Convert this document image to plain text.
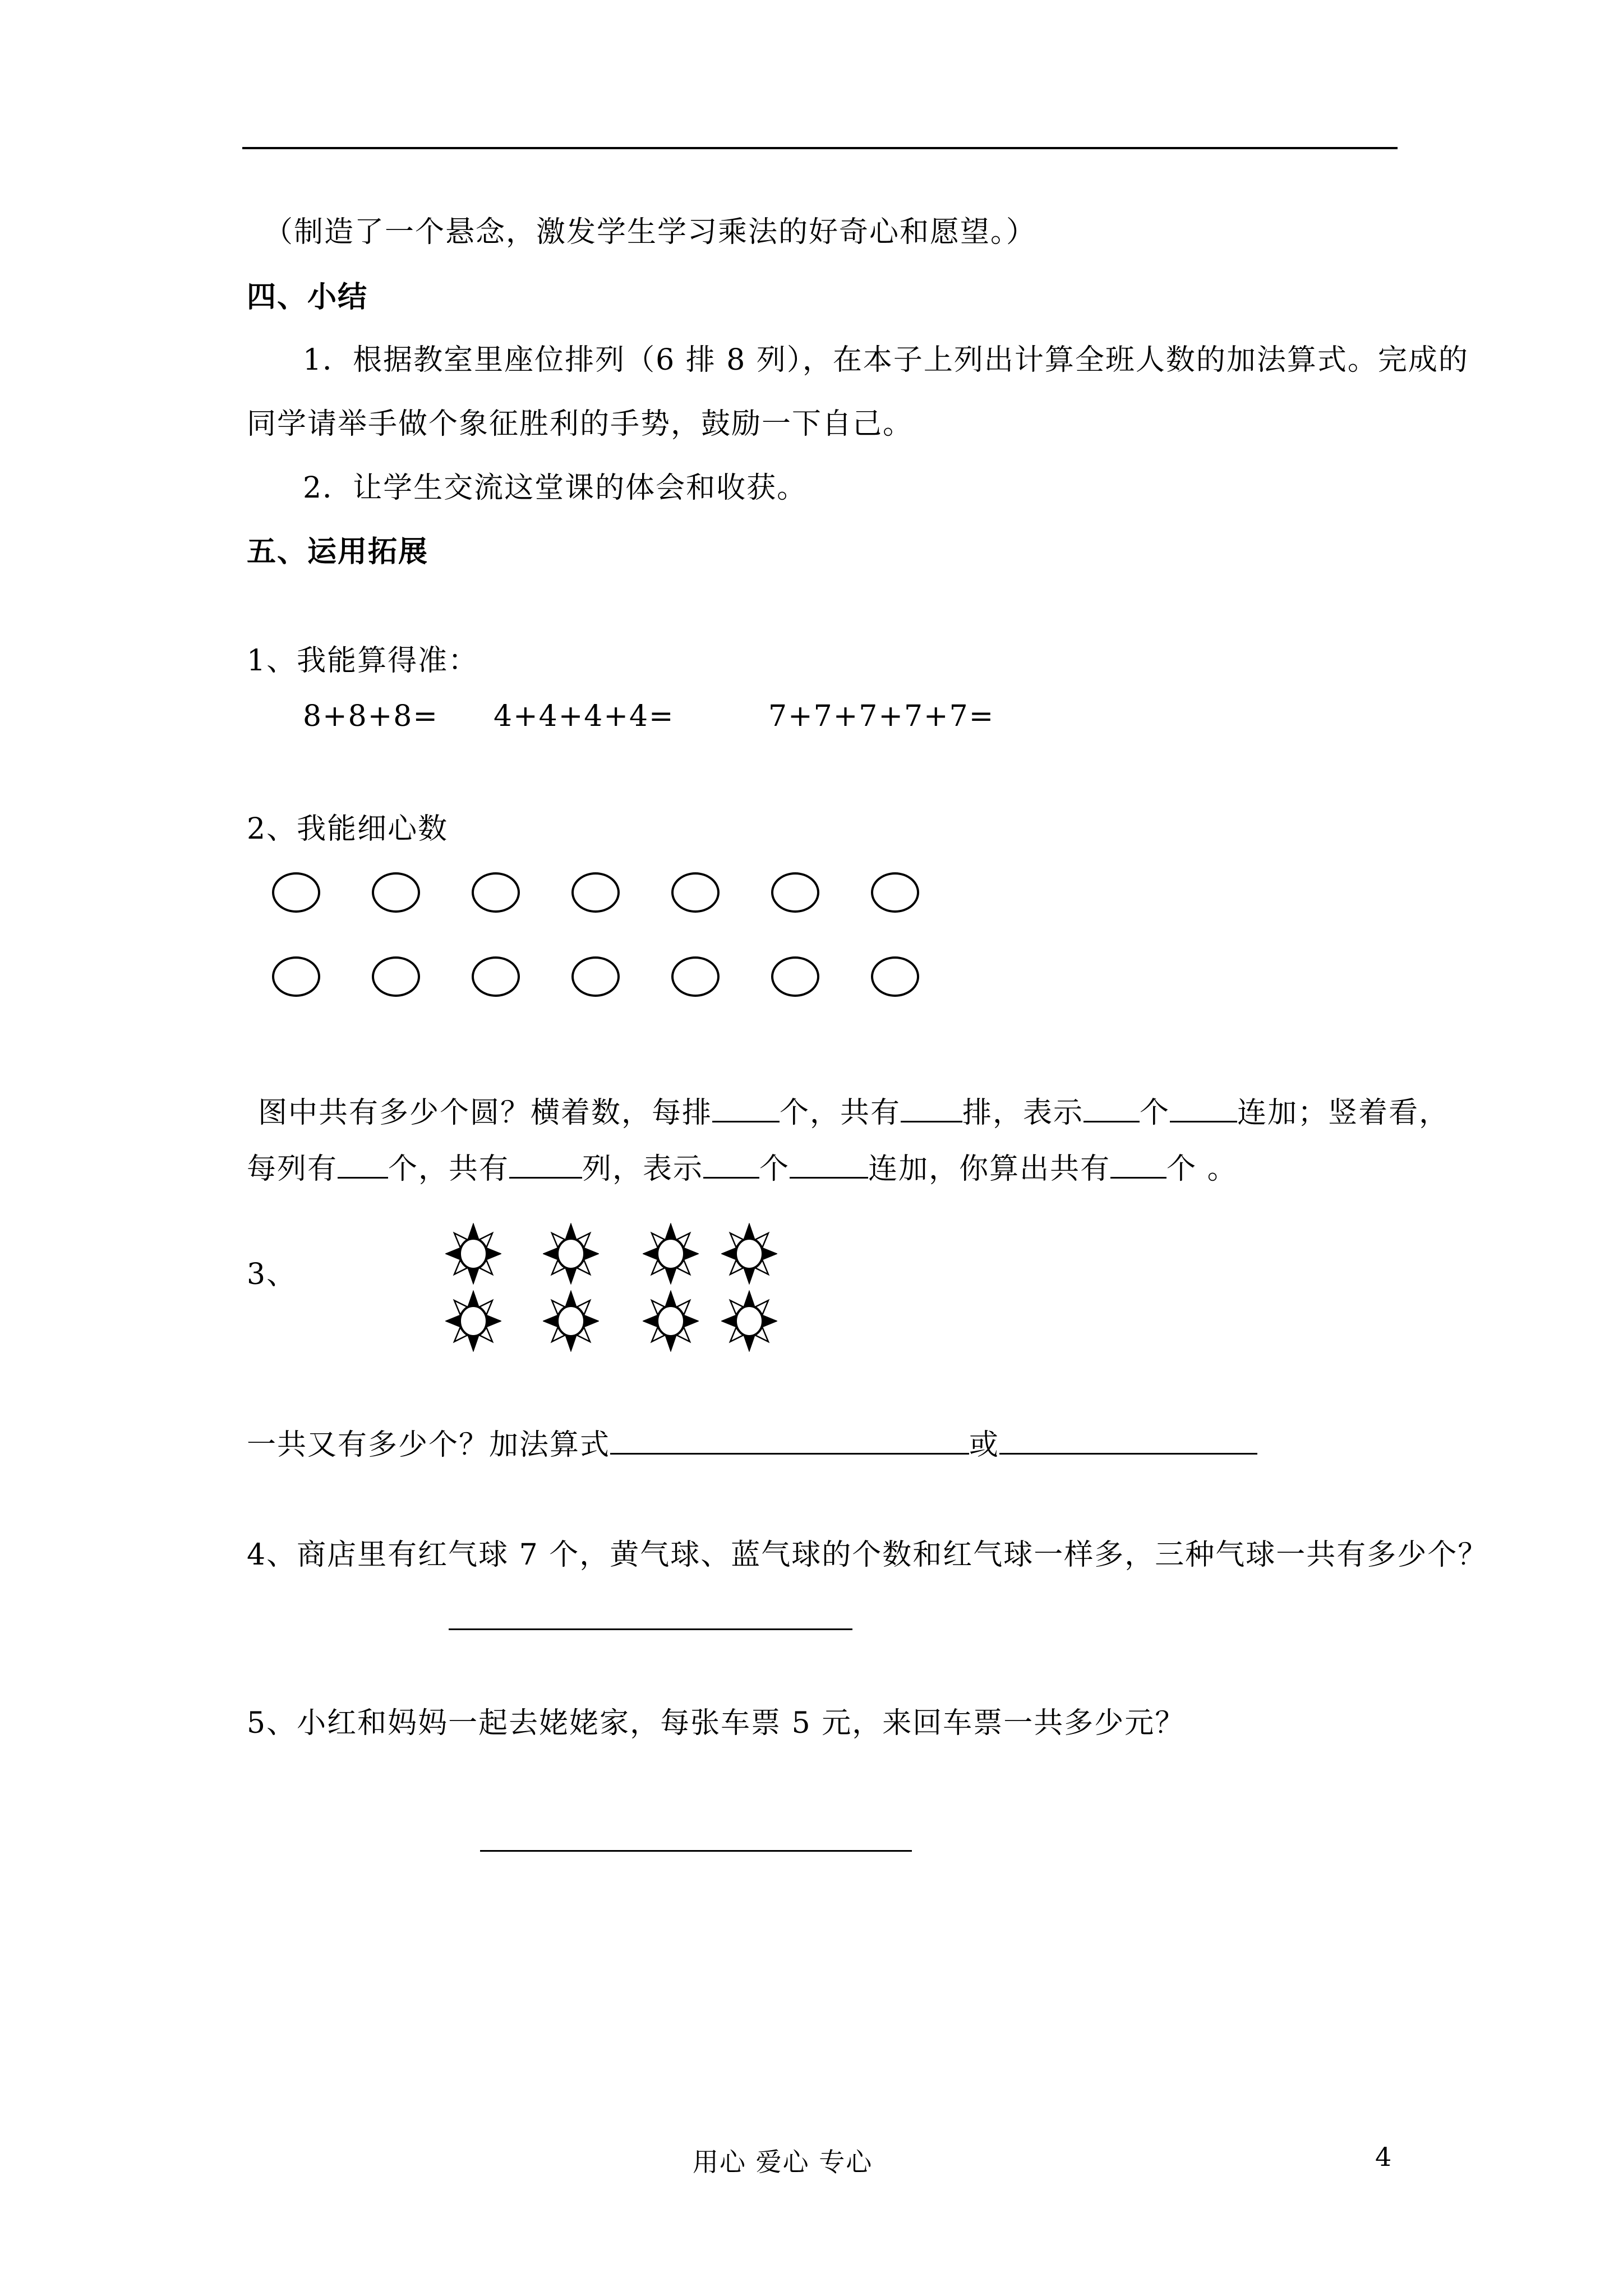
（制造了一个悬念，激发学生学习乘法的好奇心和愿望。）

四、小结

1．根据教室里座位排列（6 排 8 列），在本子上列出计算全班人数的加法算式。完成的

同学请举手做个象征胜利的手势，鼓励一下自己。

2．让学生交流这堂课的体会和收获。

五、运用拓展

1、我能算得准：

8+8+8= 4+4+4+4=	7+7+7+7+7=

2、我能细心数

图中共有多少个圆？横着数，每排 个，共有 排，表示 个 连加；竖着看，

每列有 个，共有	列，表示 个	连加，你算出共有 个 。

3、

一共又有多少个？加法算式	或

4、商店里有红气球 7 个，黄气球、蓝气球的个数和红气球一样多，三种气球一共有多少个？

5、小红和妈妈一起去姥姥家，每张车票 5 元，来回车票一共多少元？

用心 爱心 专心	4
